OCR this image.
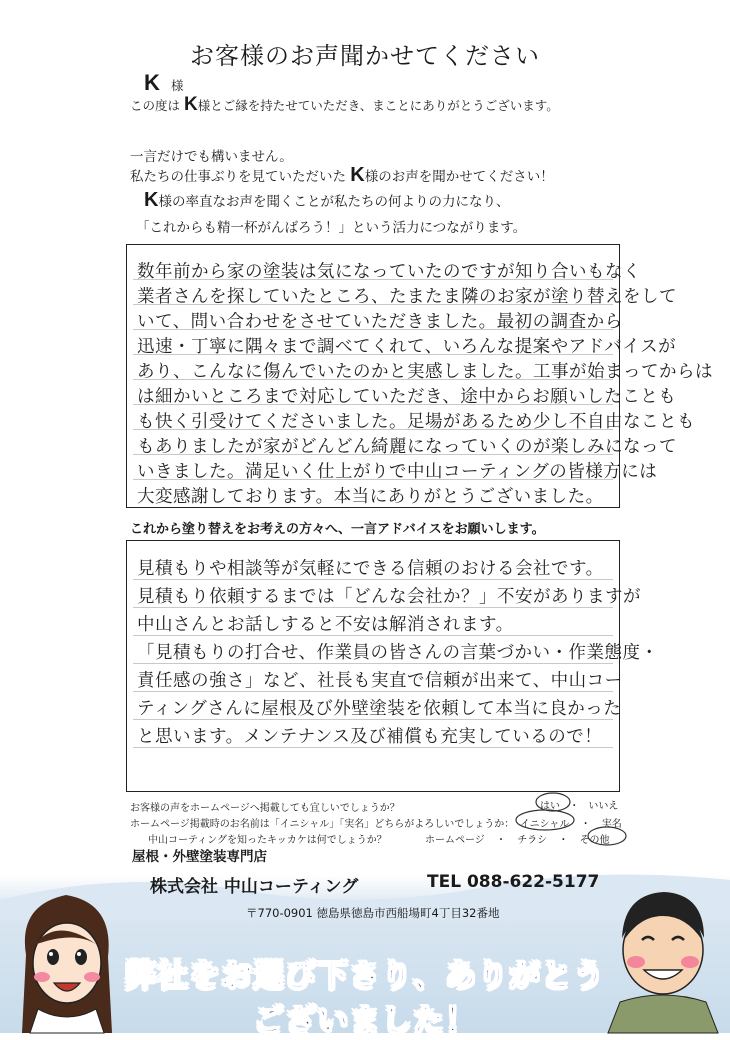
お客様のお声聞かせてください
K 様
この度は K様とご縁を持たせていただき、まことにありがとうございます。
一言だけでも構いません。
私たちの仕事ぶりを見ていただいた K様のお声を聞かせてください！
K様の率直なお声を聞くことが私たちの何よりの力になり、
「これからも精一杯がんばろう！」という活力につながります。
数年前から家の塗装は気になっていたのですが知り合いもなく
業者さんを探していたところ、たまたま隣のお家が塗り替えをして
いて、問い合わせをさせていただきました。最初の調査から
迅速・丁寧に隅々まで調べてくれて、いろんな提案やアドバイスが
あり、こんなに傷んでいたのかと実感しました。工事が始まってからは
は細かいところまで対応していただき、途中からお願いしたことも
も快く引受けてくださいました。足場があるため少し不自由なことも
もありましたが家がどんどん綺麗になっていくのが楽しみになって
いきました。満足いく仕上がりで中山コーティングの皆様方には
大変感謝しております。本当にありがとうございました。
これから塗り替えをお考えの方々へ、一言アドバイスをお願いします。
見積もりや相談等が気軽にできる信頼のおける会社です。
見積もり依頼するまでは「どんな会社か？」不安がありますが
中山さんとお話しすると不安は解消されます。
「見積もりの打合せ、作業員の皆さんの言葉づかい・作業態度・
責任感の強さ」など、社長も実直で信頼が出来て、中山コー
ティングさんに屋根及び外壁塗装を依頼して本当に良かった
と思います。メンテナンス及び補償も充実しているので！
お客様の声をホームページへ掲載しても宜しいでしょうか？	はい ・ いいえ
ホームページ掲載時のお名前は「イニシャル」「実名」どちらがよろしいでしょうか： イニシャル ・ 実名
中山コーティングを知ったキッカケは何でしょうか？	ホームページ ・ チラシ ・ その他
屋根・外壁塗装専門店
株式会社 中山コーティング	TEL 088-622-5177
〒770-0901 徳島県徳島市西船場町4丁目32番地
弊社をお選び下さり、ありがとうございました！
